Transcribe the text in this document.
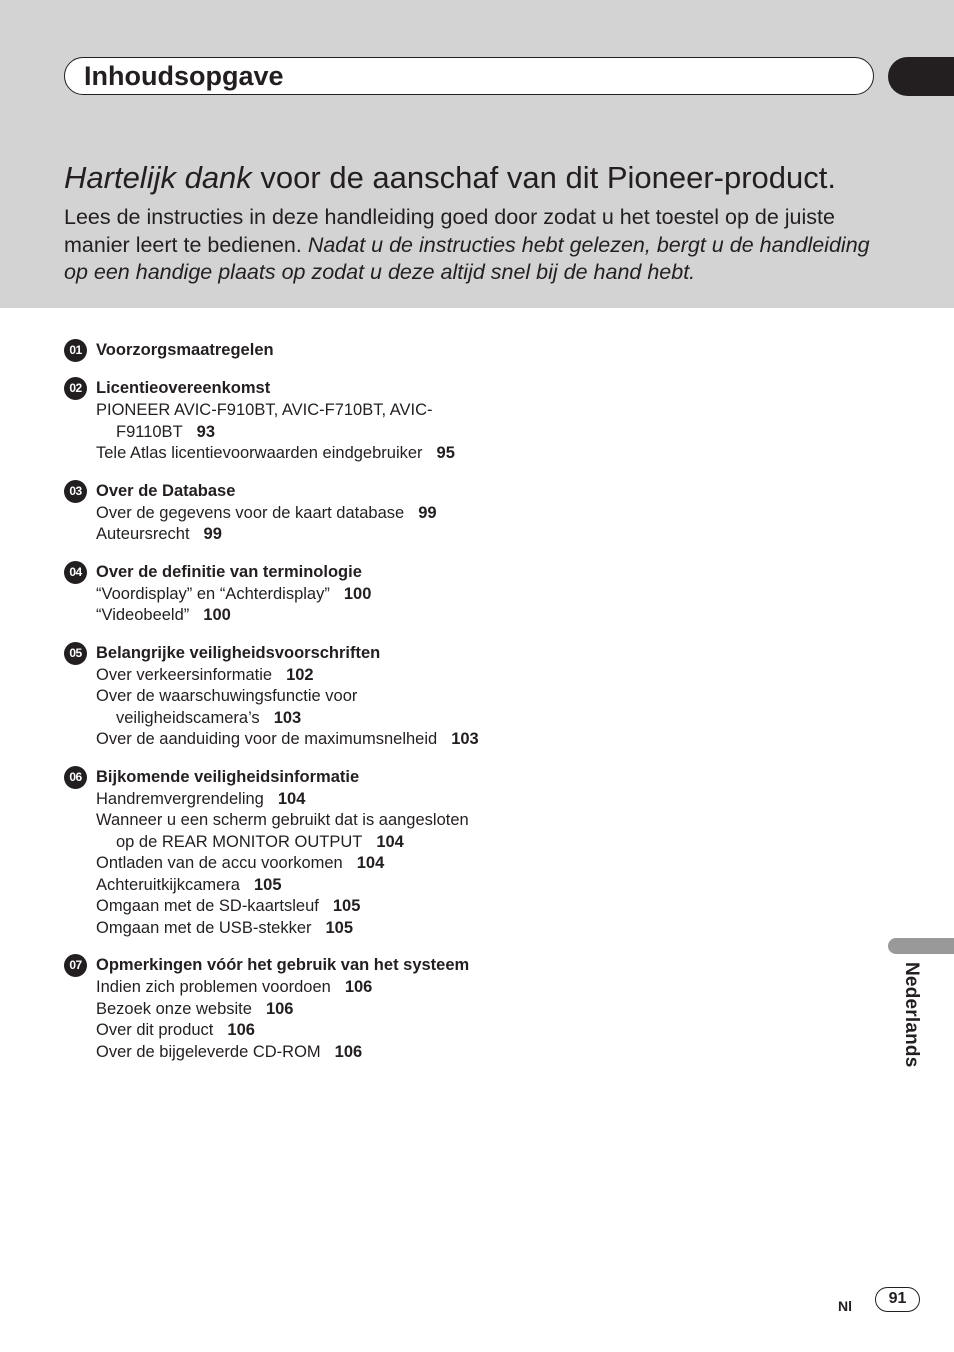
Inhoudsopgave
Hartelijk dank voor de aanschaf van dit Pioneer-product.

Lees de instructies in deze handleiding goed door zodat u het toestel op de juiste manier leert te bedienen. Nadat u de instructies hebt gelezen, bergt u de handleiding op een handige plaats op zodat u deze altijd snel bij de hand hebt.

01 Voorzorgsmaatregelen
02 Licentieovereenkomst
PIONEER AVIC-F910BT, AVIC-F710BT, AVIC-F9110BT 93
Tele Atlas licentievoorwaarden eindgebruiker 95
03 Over de Database
Over de gegevens voor de kaart database 99
Auteursrecht 99
04 Over de definitie van terminologie
“Voordisplay” en “Achterdisplay” 100
“Videobeeld” 100
05 Belangrijke veiligheidsvoorschriften
Over verkeersinformatie 102
Over de waarschuwingsfunctie voor veiligheidscamera’s 103
Over de aanduiding voor de maximumsnelheid 103
06 Bijkomende veiligheidsinformatie
Handremvergrendeling 104
Wanneer u een scherm gebruikt dat is aangesloten op de REAR MONITOR OUTPUT 104
Ontladen van de accu voorkomen 104
Achteruitkijkcamera 105
Omgaan met de SD-kaartsleuf 105
Omgaan met de USB-stekker 105
07 Opmerkingen vóór het gebruik van het systeem
Indien zich problemen voordoen 106
Bezoek onze website 106
Over dit product 106
Over de bijgeleverde CD-ROM 106	Nederlands
Nl	91
